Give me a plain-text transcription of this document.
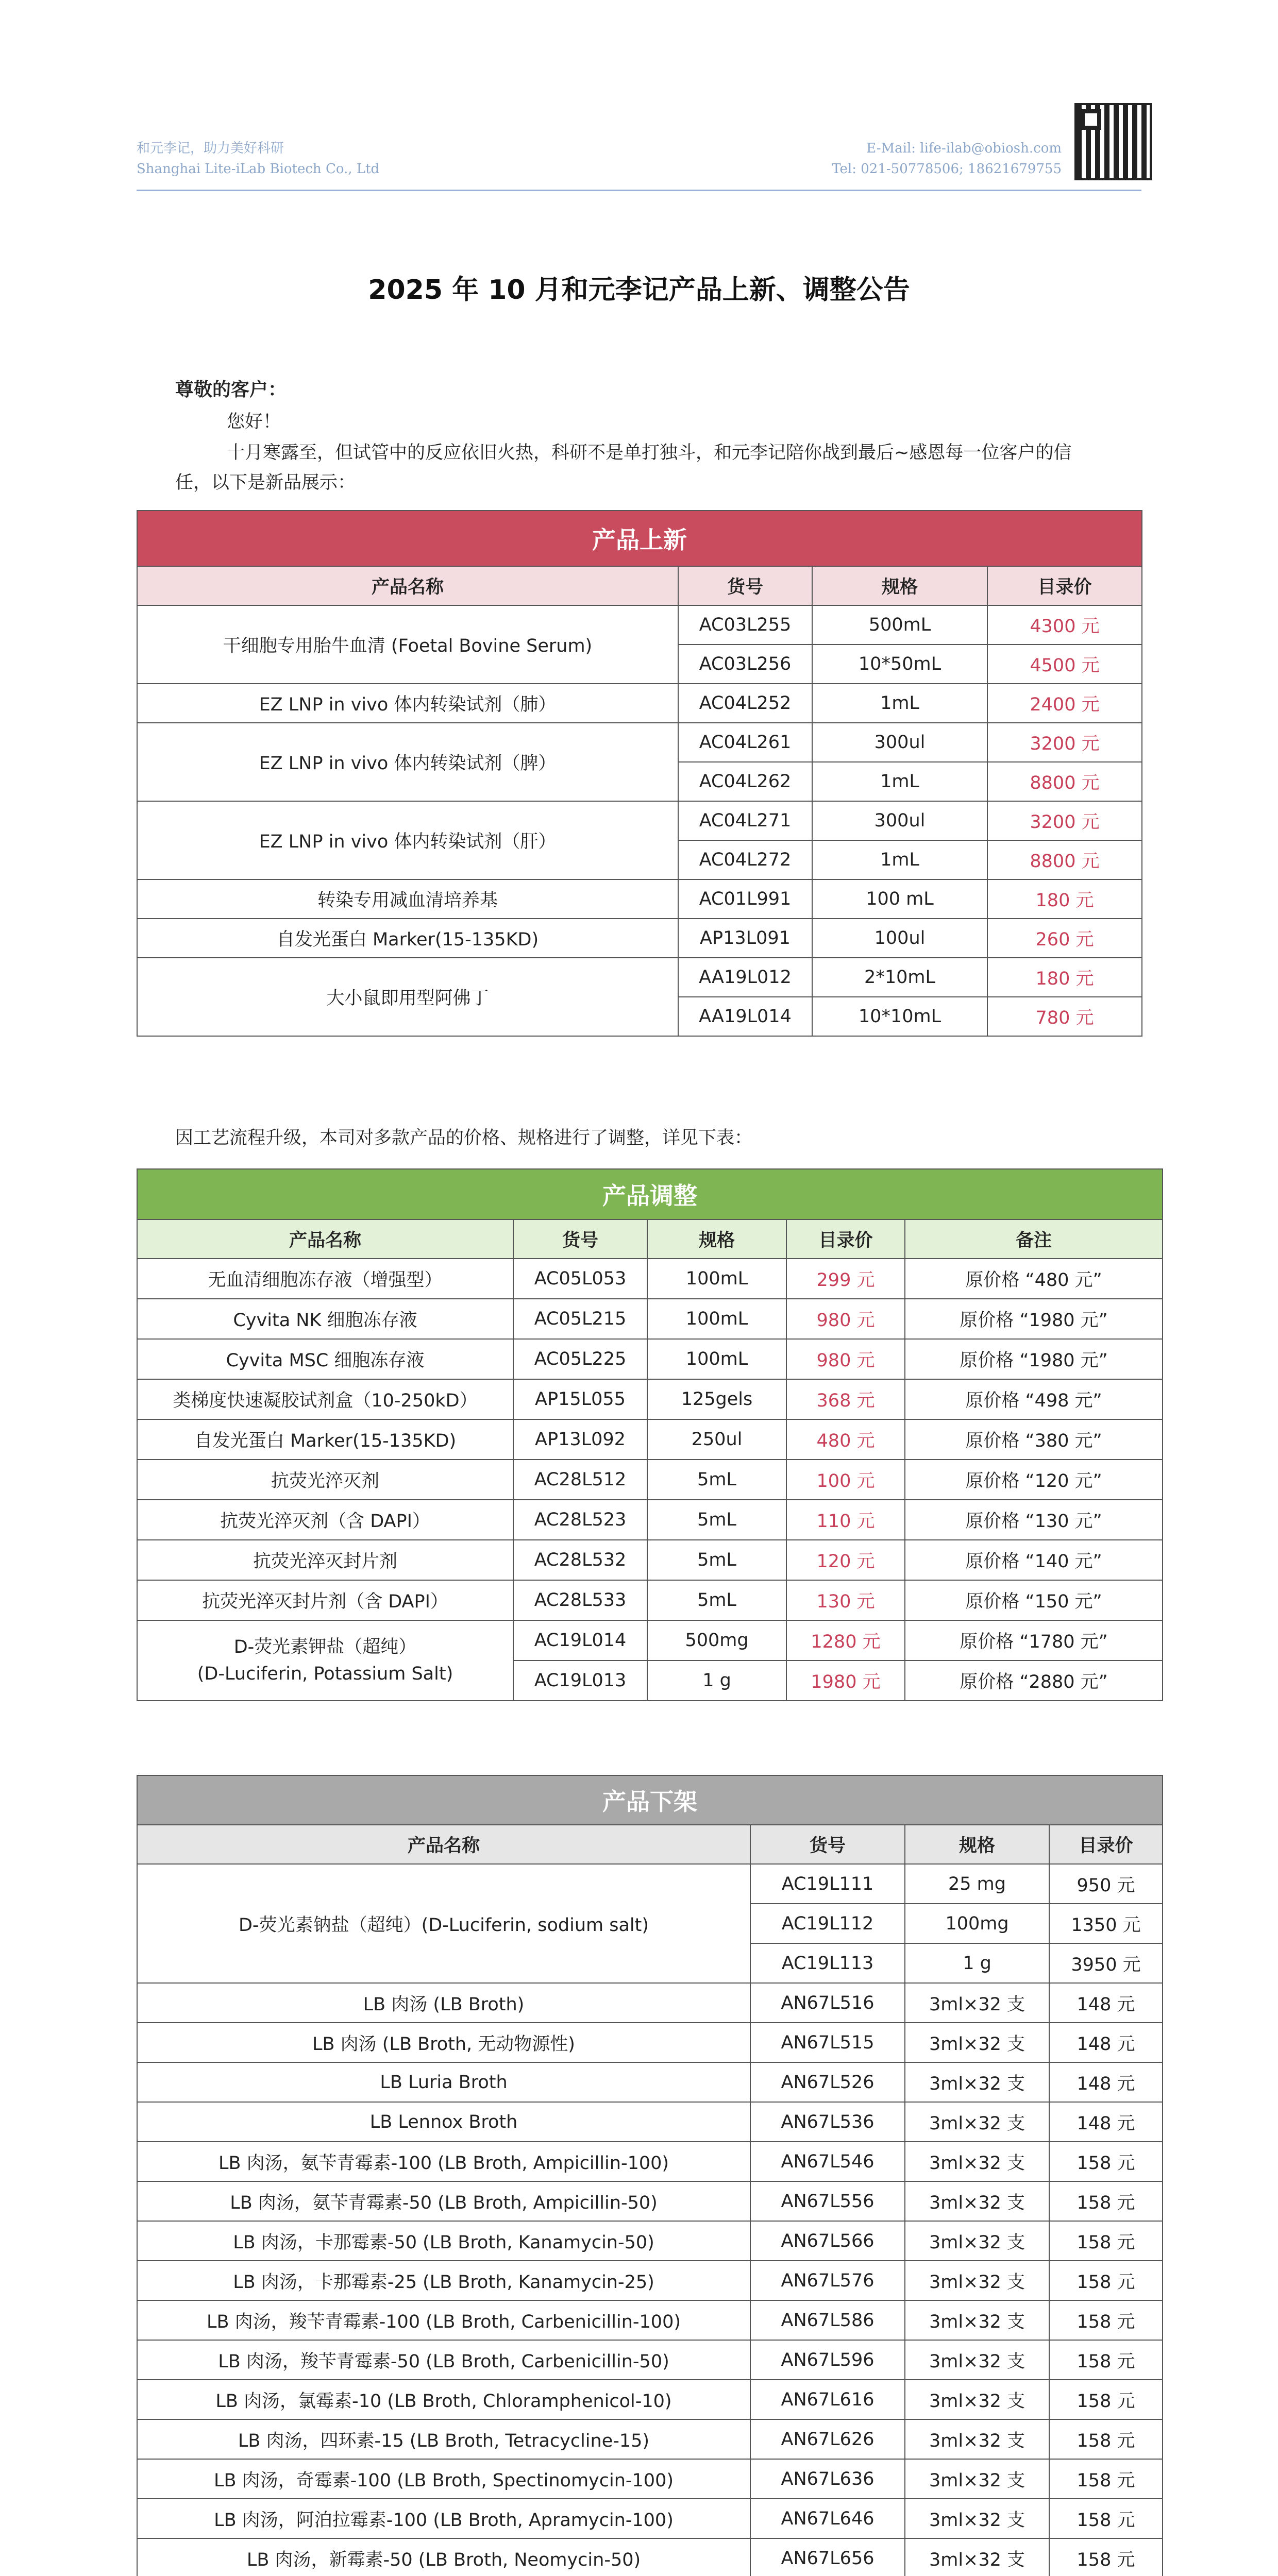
和元李记，助力美好科研
Shanghai Lite-iLab Biotech Co., Ltd
E-Mail: life-ilab@obiosh.com
Tel: 021-50778506; 18621679755
2025 年 10 月和元李记产品上新、调整公告
尊敬的客户：
您好！
十月寒露至，但试管中的反应依旧火热，科研不是单打独斗，和元李记陪你战到最后~感恩每一位客户的信
任，以下是新品展示：
产品上新			
产品名称	货号	规格	目录价
干细胞专用胎牛血清 (Foetal Bovine Serum)	AC03L255	500mL	4300 元
	AC03L256	10*50mL	4500 元
EZ LNP in vivo 体内转染试剂（肺）	AC04L252	1mL	2400 元
EZ LNP in vivo 体内转染试剂（脾）	AC04L261	300ul	3200 元
	AC04L262	1mL	8800 元
EZ LNP in vivo 体内转染试剂（肝）	AC04L271	300ul	3200 元
	AC04L272	1mL	8800 元
转染专用减血清培养基	AC01L991	100 mL	180 元
自发光蛋白 Marker(15-135KD)	AP13L091	100ul	260 元
大小鼠即用型阿佛丁	AA19L012	2*10mL	180 元
	AA19L014	10*10mL	780 元
因工艺流程升级，本司对多款产品的价格、规格进行了调整，详见下表：
产品调整				
产品名称	货号	规格	目录价	备注
无血清细胞冻存液（增强型）	AC05L053	100mL	299 元	原价格 “480 元”
Cyvita NK 细胞冻存液	AC05L215	100mL	980 元	原价格 “1980 元”
Cyvita MSC 细胞冻存液	AC05L225	100mL	980 元	原价格 “1980 元”
类梯度快速凝胶试剂盒（10-250kD）	AP15L055	125gels	368 元	原价格 “498 元”
自发光蛋白 Marker(15-135KD)	AP13L092	250ul	480 元	原价格 “380 元”
抗荧光淬灭剂	AC28L512	5mL	100 元	原价格 “120 元”
抗荧光淬灭剂（含 DAPI）	AC28L523	5mL	110 元	原价格 “130 元”
抗荧光淬灭封片剂	AC28L532	5mL	120 元	原价格 “140 元”
抗荧光淬灭封片剂（含 DAPI）	AC28L533	5mL	130 元	原价格 “150 元”

D-荧光素钾盐（超纯）
(D-Luciferin, Potassium Salt)	AC19L014	500mg	1280 元	原价格 “1780 元”
	AC19L013	1 g	1980 元	原价格 “2880 元”
产品下架			
产品名称	货号	规格	目录价
D-荧光素钠盐（超纯）(D-Luciferin, sodium salt)	AC19L111	25 mg	950 元
	AC19L112	100mg	1350 元
	AC19L113	1 g	3950 元
LB 肉汤 (LB Broth)	AN67L516	3ml×32 支	148 元
LB 肉汤 (LB Broth, 无动物源性)	AN67L515	3ml×32 支	148 元
LB Luria Broth	AN67L526	3ml×32 支	148 元
LB Lennox Broth	AN67L536	3ml×32 支	148 元
LB 肉汤，氨苄青霉素-100 (LB Broth, Ampicillin-100)	AN67L546	3ml×32 支	158 元
LB 肉汤，氨苄青霉素-50 (LB Broth, Ampicillin-50)	AN67L556	3ml×32 支	158 元
LB 肉汤，卡那霉素-50 (LB Broth, Kanamycin-50)	AN67L566	3ml×32 支	158 元
LB 肉汤，卡那霉素-25 (LB Broth, Kanamycin-25)	AN67L576	3ml×32 支	158 元
LB 肉汤，羧苄青霉素-100 (LB Broth, Carbenicillin-100)	AN67L586	3ml×32 支	158 元
LB 肉汤，羧苄青霉素-50 (LB Broth, Carbenicillin-50)	AN67L596	3ml×32 支	158 元
LB 肉汤，氯霉素-10 (LB Broth, Chloramphenicol-10)	AN67L616	3ml×32 支	158 元
LB 肉汤，四环素-15 (LB Broth, Tetracycline-15)	AN67L626	3ml×32 支	158 元
LB 肉汤，奇霉素-100 (LB Broth, Spectinomycin-100)	AN67L636	3ml×32 支	158 元
LB 肉汤，阿泊拉霉素-100 (LB Broth, Apramycin-100)	AN67L646	3ml×32 支	158 元
LB 肉汤，新霉素-50 (LB Broth, Neomycin-50)	AN67L656	3ml×32 支	158 元
